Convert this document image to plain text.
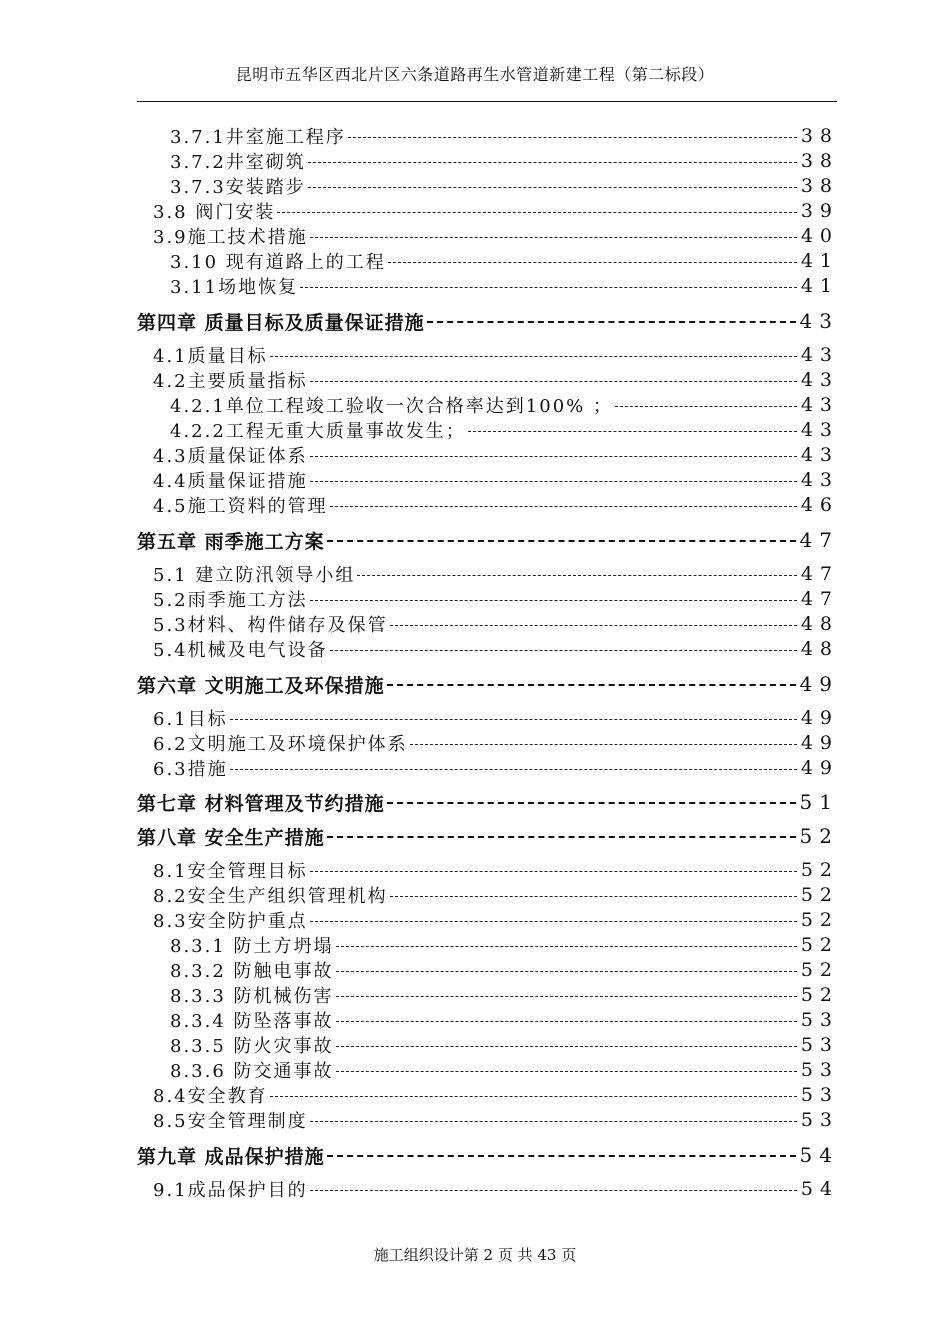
昆明市五华区西北片区六条道路再生水管道新建工程（第二标段）
3.7.1井室施工程序	38
3.7.2井室砌筑	38
3.7.3安装踏步	38
3.8 阀门安装	39
3.9施工技术措施	40
3.10 现有道路上的工程	41
3.11场地恢复	41
第四章 质量目标及质量保证措施	43
4.1质量目标	43
4.2主要质量指标	43
4.2.1单位工程竣工验收一次合格率达到100% ；	43
4.2.2工程无重大质量事故发生；	43
4.3质量保证体系	43
4.4质量保证措施	43
4.5施工资料的管理	46
第五章 雨季施工方案	47
5.1 建立防汛领导小组	47
5.2雨季施工方法	47
5.3材料、构件储存及保管	48
5.4机械及电气设备	48
第六章 文明施工及环保措施	49
6.1目标	49
6.2文明施工及环境保护体系	49
6.3措施	49
第七章 材料管理及节约措施	51
第八章 安全生产措施	52
8.1安全管理目标	52
8.2安全生产组织管理机构	52
8.3安全防护重点	52
8.3.1 防土方坍塌	52
8.3.2 防触电事故	52
8.3.3 防机械伤害	52
8.3.4 防坠落事故	53
8.3.5 防火灾事故	53
8.3.6 防交通事故	53
8.4安全教育	53
8.5安全管理制度	53
第九章 成品保护措施	54
9.1成品保护目的	54
施工组织设计第 2 页 共 43 页
